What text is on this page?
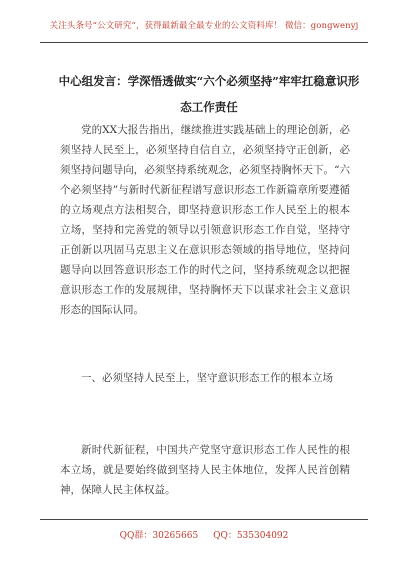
关注头条号“公文研究”，获得最新最全最专业的公文资料库！ 微信：gongwenyj
中心组发言：学深悟透做实“六个必须坚持”牢牢扛稳意识形态工作责任
党的XX大报告指出，继续推进实践基础上的理论创新，必须坚持人民至上，必须坚持自信自立，必须坚持守正创新，必须坚持问题导向，必须坚持系统观念，必须坚持胸怀天下。“六个必须坚持”与新时代新征程谱写意识形态工作新篇章所要遵循的立场观点方法相契合，即坚持意识形态工作人民至上的根本立场，坚持和完善党的领导以引领意识形态工作自觉，坚持守正创新以巩固马克思主义在意识形态领域的指导地位，坚持问题导向以回答意识形态工作的时代之问，坚持系统观念以把握意识形态工作的发展规律，坚持胸怀天下以谋求社会主义意识形态的国际认同。
一、必须坚持人民至上，坚守意识形态工作的根本立场
新时代新征程，中国共产党坚守意识形态工作人民性的根本立场，就是要始终做到坚持人民主体地位，发挥人民首创精神，保障人民主体权益。
QQ群：30265665 QQ：535304092
